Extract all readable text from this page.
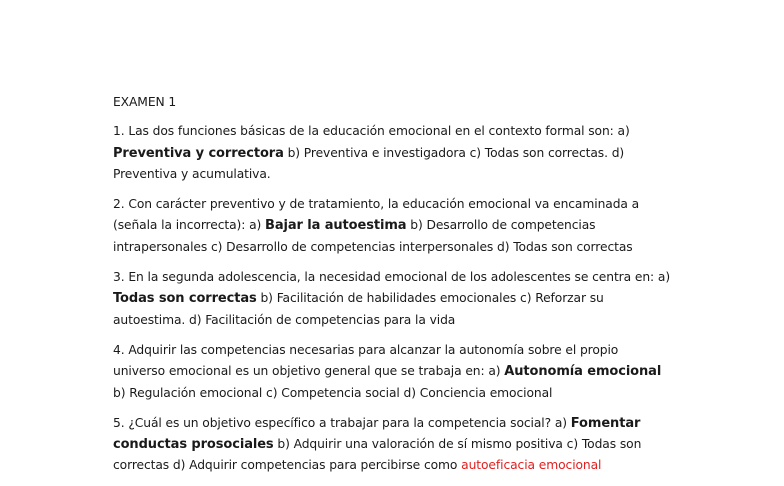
EXAMEN 1

1. Las dos funciones básicas de la educación emocional en el contexto formal son: a) Preventiva y correctora b) Preventiva e investigadora c) Todas son correctas. d) Preventiva y acumulativa.

2. Con carácter preventivo y de tratamiento, la educación emocional va encaminada a (señala la incorrecta): a) Bajar la autoestima b) Desarrollo de competencias intrapersonales c) Desarrollo de competencias interpersonales d) Todas son correctas

3. En la segunda adolescencia, la necesidad emocional de los adolescentes se centra en: a) Todas son correctas b) Facilitación de habilidades emocionales c) Reforzar su autoestima. d) Facilitación de competencias para la vida

4. Adquirir las competencias necesarias para alcanzar la autonomía sobre el propio universo emocional es un objetivo general que se trabaja en: a) Autonomía emocional b) Regulación emocional c) Competencia social d) Conciencia emocional

5. ¿Cuál es un objetivo específico a trabajar para la competencia social? a) Fomentar conductas prosociales b) Adquirir una valoración de sí mismo positiva c) Todas son correctas d) Adquirir competencias para percibirse como autoeficacia emocional
